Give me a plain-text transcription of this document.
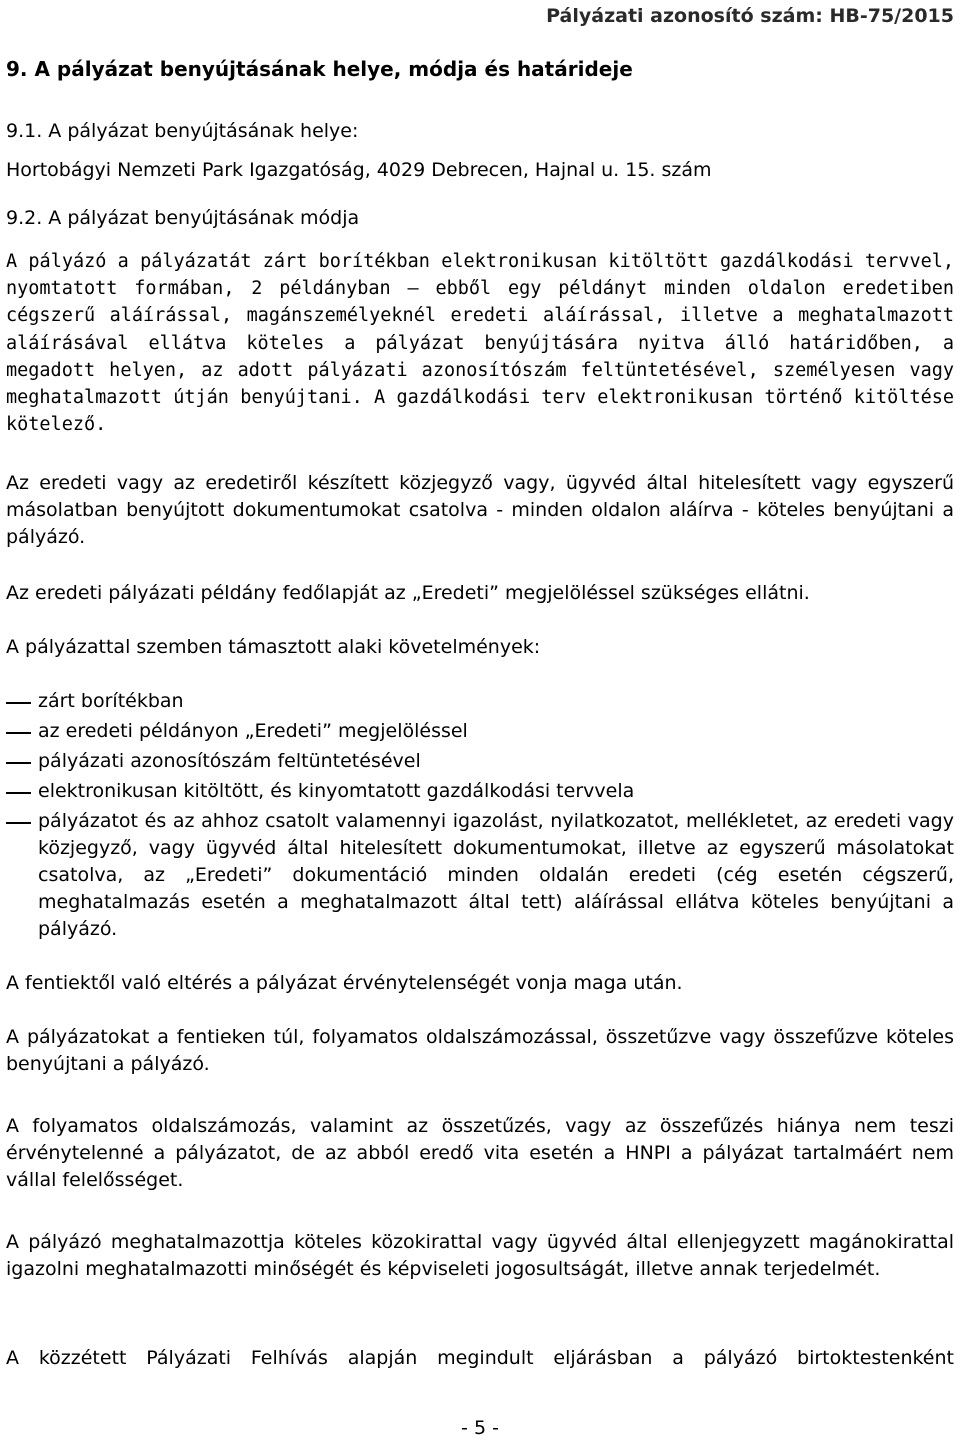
Pályázati azonosító szám: HB-75/2015
9. A pályázat benyújtásának helye, módja és határideje
9.1. A pályázat benyújtásának helye:
Hortobágyi Nemzeti Park Igazgatóság, 4029 Debrecen, Hajnal u. 15. szám
9.2. A pályázat benyújtásának módja
A pályázó a pályázatát zárt borítékban elektronikusan kitöltött gazdálkodási tervvel, nyomtatott formában, 2 példányban – ebből egy példányt minden oldalon eredetiben cégszerű aláírással, magánszemélyeknél eredeti aláírással, illetve a meghatalmazott aláírásával ellátva köteles a pályázat benyújtására nyitva álló határidőben, a megadott helyen, az adott pályázati azonosítószám feltüntetésével, személyesen vagy meghatalmazott útján benyújtani. A gazdálkodási terv elektronikusan történő kitöltése kötelező.
Az eredeti vagy az eredetiről készített közjegyző vagy, ügyvéd által hitelesített vagy egyszerű másolatban benyújtott dokumentumokat csatolva - minden oldalon aláírva - köteles benyújtani a pályázó.
Az eredeti pályázati példány fedőlapját az „Eredeti” megjelöléssel szükséges ellátni.
A pályázattal szemben támasztott alaki követelmények:
zárt borítékban
az eredeti példányon „Eredeti” megjelöléssel
pályázati azonosítószám feltüntetésével
elektronikusan kitöltött, és kinyomtatott gazdálkodási tervvela
pályázatot és az ahhoz csatolt valamennyi igazolást, nyilatkozatot, mellékletet, az eredeti vagy közjegyző, vagy ügyvéd által hitelesített dokumentumokat, illetve az egyszerű másolatokat csatolva, az „Eredeti” dokumentáció minden oldalán eredeti (cég esetén cégszerű, meghatalmazás esetén a meghatalmazott által tett) aláírással ellátva köteles benyújtani a pályázó.
A fentiektől való eltérés a pályázat érvénytelenségét vonja maga után.
A pályázatokat a fentieken túl, folyamatos oldalszámozással, összetűzve vagy összefűzve köteles benyújtani a pályázó.
A folyamatos oldalszámozás, valamint az összetűzés, vagy az összefűzés hiánya nem teszi érvénytelenné a pályázatot, de az abból eredő vita esetén a HNPI a pályázat tartalmáért nem vállal felelősséget.
A pályázó meghatalmazottja köteles közokirattal vagy ügyvéd által ellenjegyzett magánokirattal igazolni meghatalmazotti minőségét és képviseleti jogosultságát, illetve annak terjedelmét.
A közzétett Pályázati Felhívás alapján megindult eljárásban a pályázó birtoktestenként
- 5 -
